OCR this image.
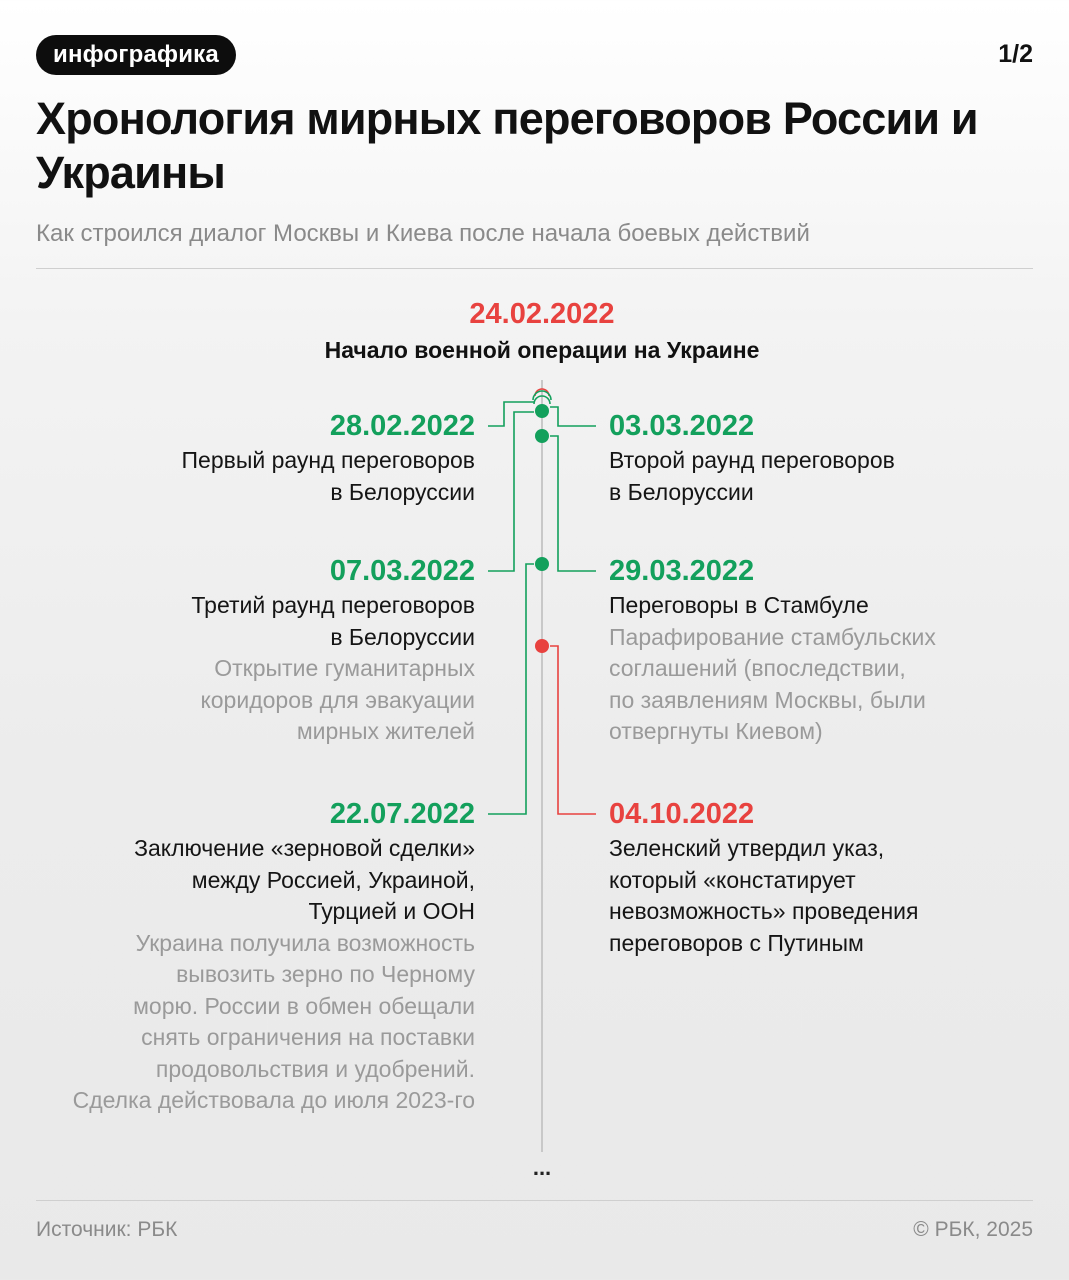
инфографика	1/2
Хронология мирных переговоров России и Украины

Как строился диалог Москвы и Киева после начала боевых действий

24.02.2022
Начало военной операции на Украине
28.02.2022
Первый раунд переговоров
в Белоруссии
03.03.2022
Второй раунд переговоров
в Белоруссии
07.03.2022
Третий раунд переговоров
в Белоруссии
Открытие гуманитарных
коридоров для эвакуации
мирных жителей
29.03.2022
Переговоры в Стамбуле
Парафирование стамбульских
соглашений (впоследствии,
по заявлениям Москвы, были
отвергнуты Киевом)
22.07.2022
Заключение «зерновой сделки»
между Россией, Украиной,
Турцией и ООН
Украина получила возможность
вывозить зерно по Черному
морю. России в обмен обещали
снять ограничения на поставки
продовольствия и удобрений.
Сделка действовала до июля 2023-го
04.10.2022
Зеленский утвердил указ,
который «констатирует
невозможность» проведения
переговоров с Путиным
...
Источник: РБК	© РБК, 2025
